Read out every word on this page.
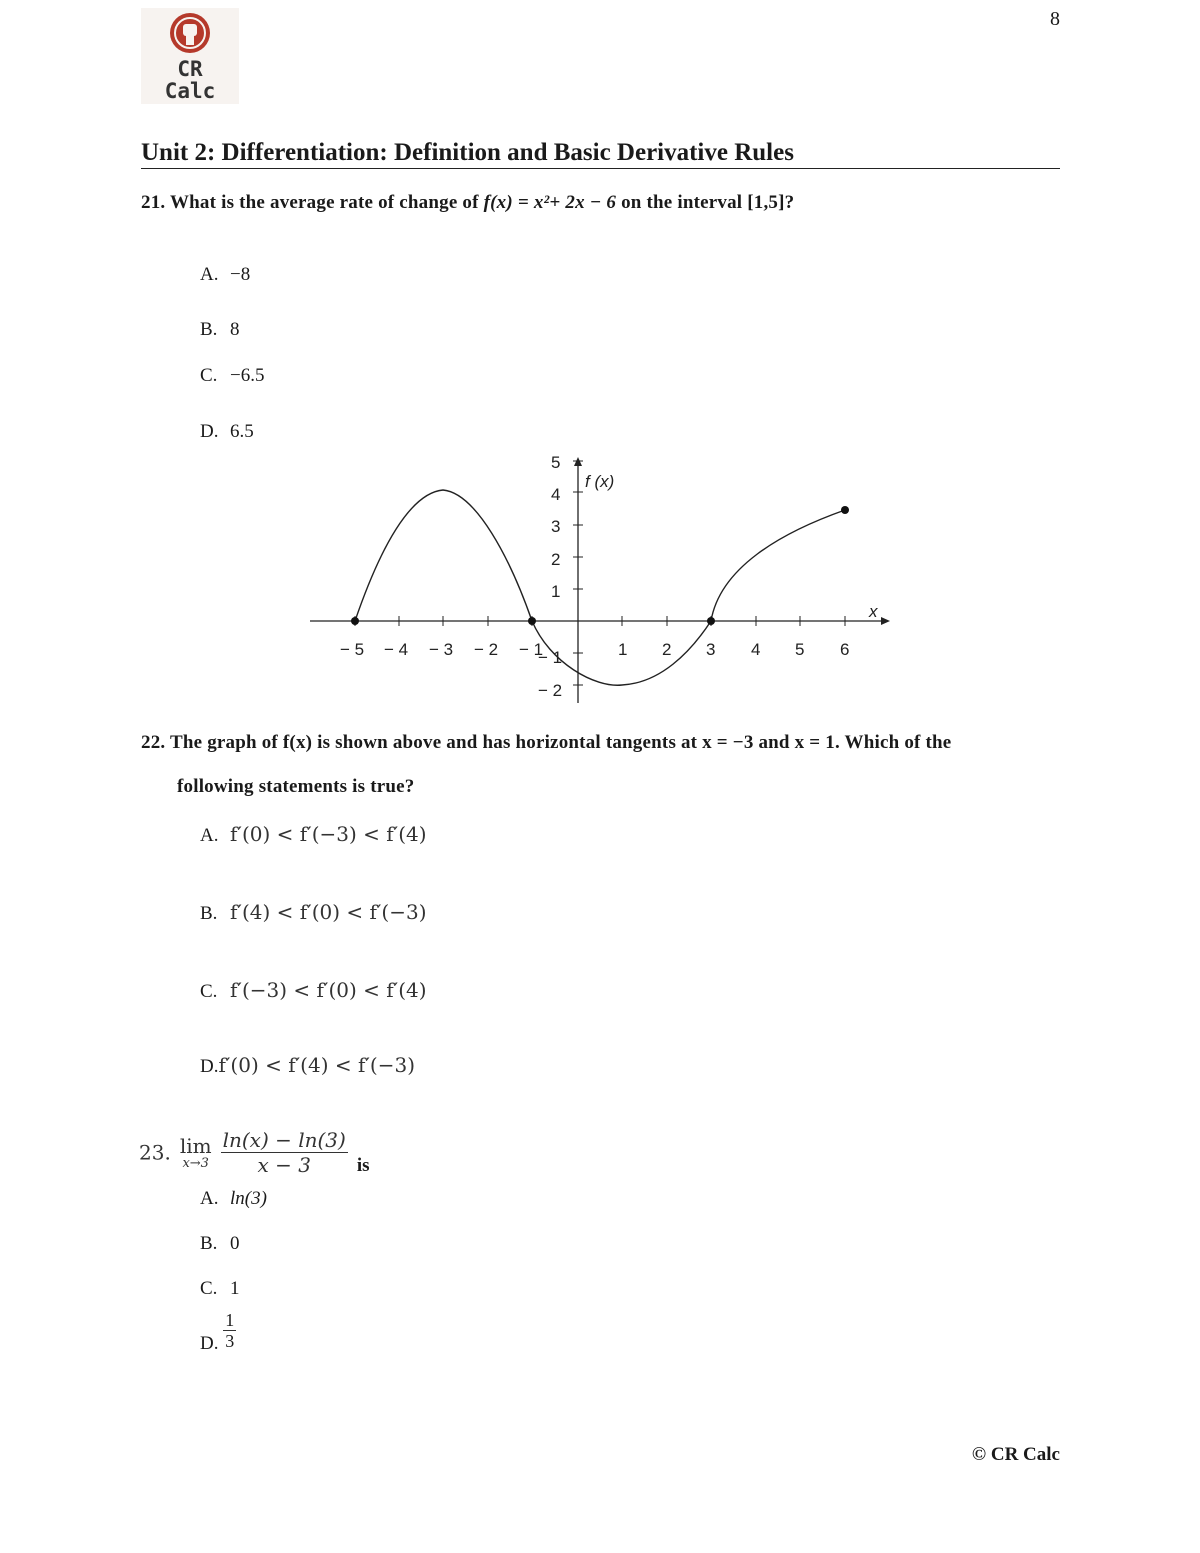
8
CR
Calc
Unit 2: Differentiation: Definition and Basic Derivative Rules
21. What is the average rate of change of f(x) = x²+ 2x − 6 on the interval [1,5]?
A. −8
B. 8
C. −6.5
D. 6.5
− 5 − 4 − 3 − 2 − 1	1 2 3 4 5 6
5
4
3
2
1
− 1
− 2
f (x)
x
22. The graph of f(x) is shown above and has horizontal tangents at x = −3 and x = 1. Which of the
following statements is true?
A. f′(0) < f′(−3) < f′(4)
B. f′(4) < f′(0) < f′(−3)
C. f′(−3) < f′(0) < f′(4)
D.f′(0) < f′(4) < f′(−3)
23. lim
x→3
$\frac{\ln(x) - \ln(3)}{x - 3}$ is
A. ln(3)
B. 0
C. 1
D. $\frac{1}{3}$
© CR Calc
